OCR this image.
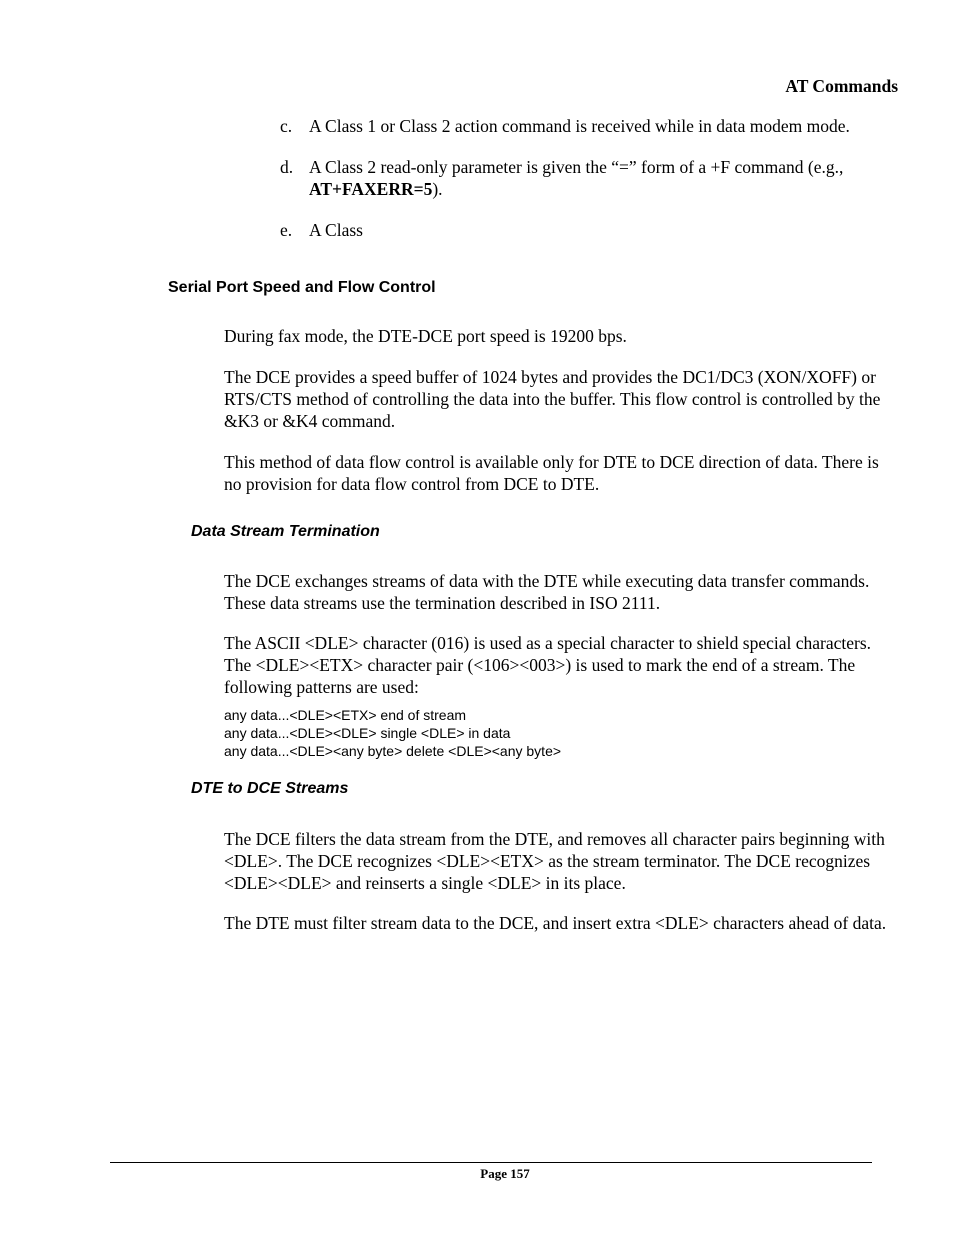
AT Commands
c. A Class 1 or Class 2 action command is received while in data modem mode.
d. A Class 2 read-only parameter is given the “=” form of a +F command (e.g.,
AT+FAXERR=5).
e. A Class
Serial Port Speed and Flow Control
During fax mode, the DTE-DCE port speed is 19200 bps.
The DCE provides a speed buffer of 1024 bytes and provides the DC1/DC3 (XON/XOFF) or RTS/CTS method of controlling the data into the buffer. This flow control is controlled by the &K3 or &K4 command.
This method of data flow control is available only for DTE to DCE direction of data. There is no provision for data flow control from DCE to DTE.
Data Stream Termination
The DCE exchanges streams of data with the DTE while executing data transfer commands. These data streams use the termination described in ISO 2111.
The ASCII <DLE> character (016) is used as a special character to shield special characters. The <DLE><ETX> character pair (<106><003>) is used to mark the end of a stream. The following patterns are used:
any data...<DLE><ETX> end of stream
any data...<DLE><DLE> single <DLE> in data
any data...<DLE><any byte> delete <DLE><any byte>
DTE to DCE Streams
The DCE filters the data stream from the DTE, and removes all character pairs beginning with <DLE>. The DCE recognizes <DLE><ETX> as the stream terminator. The DCE recognizes <DLE><DLE> and reinserts a single <DLE> in its place.
The DTE must filter stream data to the DCE, and insert extra <DLE> characters ahead of data.
Page 157
